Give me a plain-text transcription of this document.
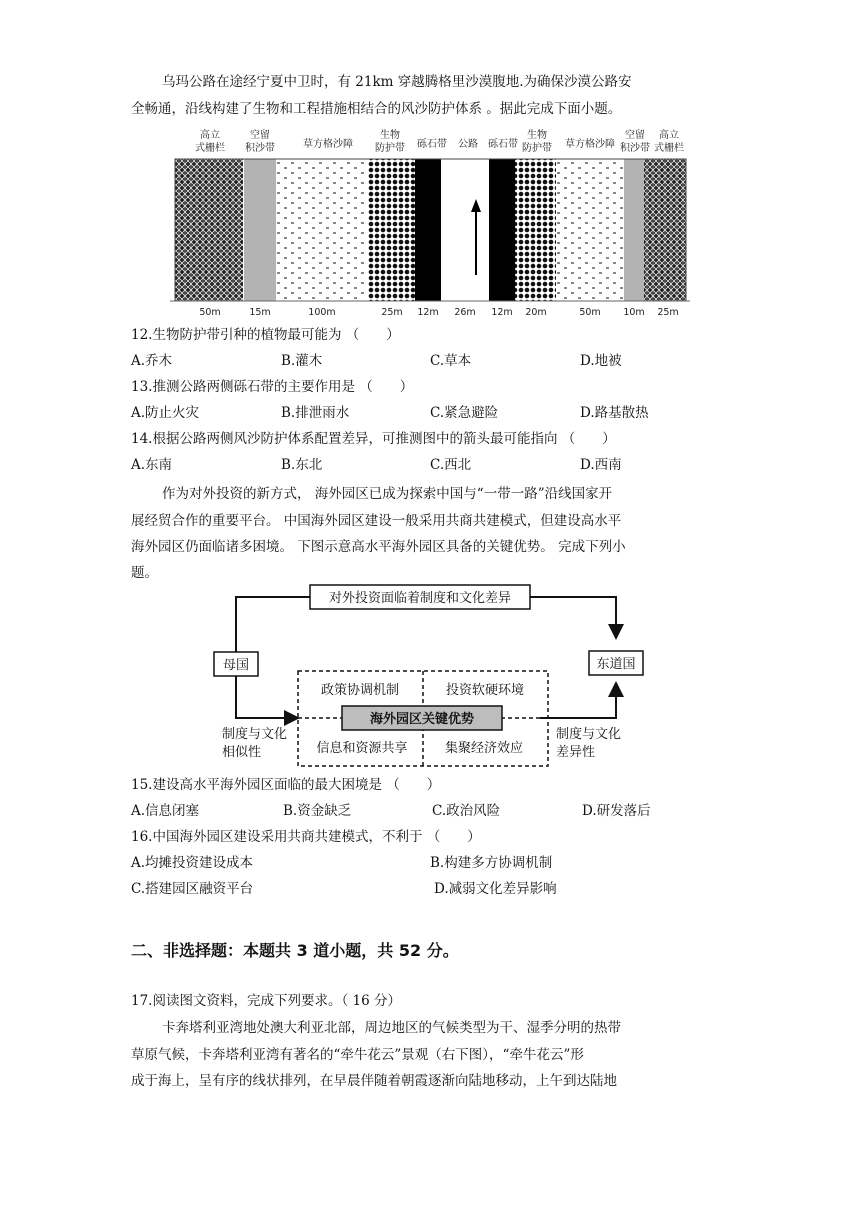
乌玛公路在途经宁夏中卫时，有 21km 穿越腾格里沙漠腹地.为确保沙漠公路安
全畅通，沿线构建了生物和工程措施相结合的风沙防护体系 。据此完成下面小题。
高立
式栅栏
空留
积沙带	草方格沙障
生物
防护带 砾石带 公路 砾石带
生物
防护带 草方格沙障
空留
积沙带
高立
式栅栏
50m	15m	100m	25m 12m 26m 12m 20m	50m 10m 25m
12.生物防护带引种的植物最可能为 （　　）
A.乔木	B.灌木	C.草本	D.地被
13.推测公路两侧砾石带的主要作用是 （　　）
A.防止火灾	B.排泄雨水	C.紧急避险	D.路基散热
14.根据公路两侧风沙防护体系配置差异，可推测图中的箭头最可能指向 （　　）
A.东南	B.东北	C.西北	D.西南
作为对外投资的新方式， 海外园区已成为探索中国与“一带一路”沿线国家开
展经贸合作的重要平台。 中国海外园区建设一般采用共商共建模式，但建设高水平
海外园区仍面临诸多困境。 下图示意高水平海外园区具备的关键优势。 完成下列小
题。
对外投资面临着制度和文化差异
母国	东道国
海外园区关键优势
政策协调机制	投资软硬环境
信息和资源共享	集聚经济效应
制度与文化
相似性
制度与文化
差异性
15.建设高水平海外园区面临的最大困境是 （　　）
A.信息闭塞	B.资金缺乏	C.政治风险	D.研发落后
16.中国海外园区建设采用共商共建模式，不利于 （　　）
A.均摊投资建设成本	B.构建多方协调机制
C.搭建园区融资平台	D.减弱文化差异影响
二、非选择题：本题共 3 道小题，共 52 分。
17.阅读图文资料，完成下列要求。（ 16 分）
卡奔塔利亚湾地处澳大利亚北部，周边地区的气候类型为干、湿季分明的热带
草原气候，卡奔塔利亚湾有著名的“牵牛花云”景观（右下图），“牵牛花云”形
成于海上，呈有序的线状排列，在早晨伴随着朝霞逐渐向陆地移动，上午到达陆地
